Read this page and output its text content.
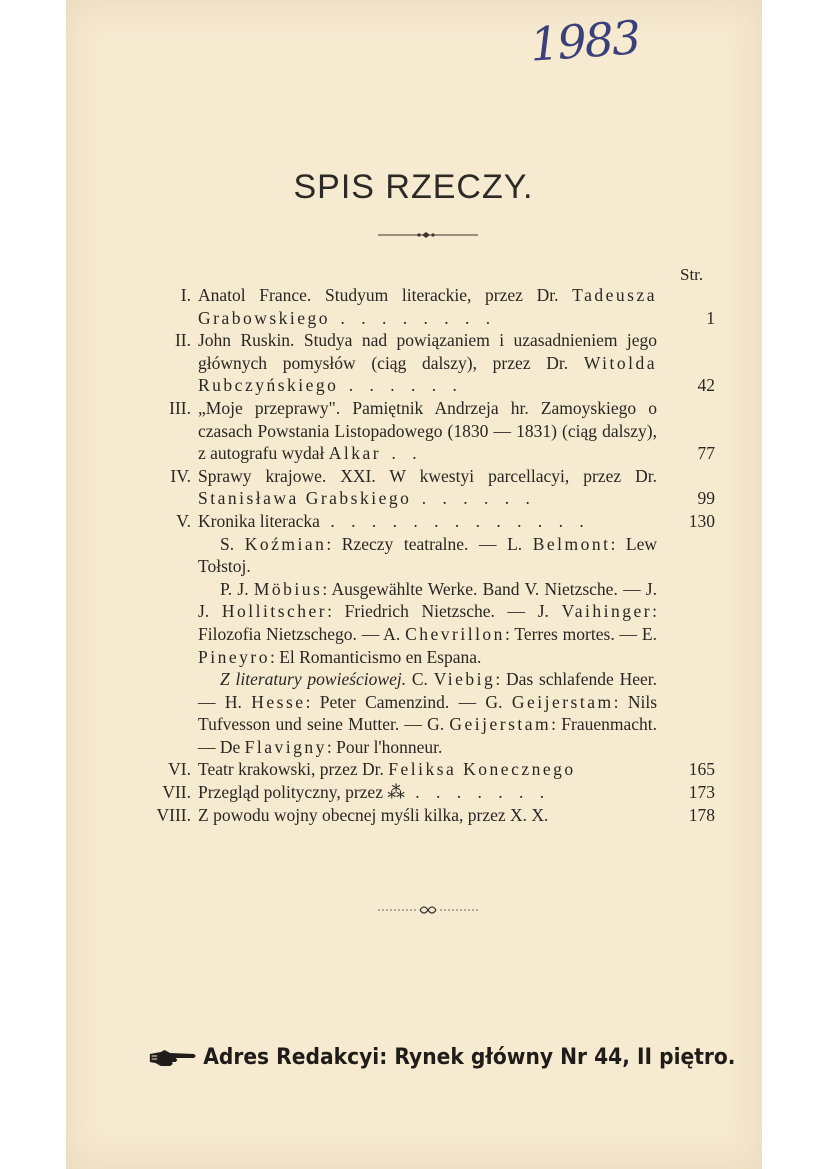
1983
SPIS RZECZY.
Str.
I. Anatol France. Studyum literackie, przez Dr. Tadeusza Grabowskiego . . . . . . . .	1
II. John Ruskin. Studya nad powiązaniem i uzasadnieniem jego głównych pomysłów (ciąg dalszy), przez Dr. Witolda Rubczyńskiego . . . . . .	42
III. „Moje przeprawy". Pamiętnik Andrzeja hr. Zamoyskiego o czasach Powstania Listopadowego (1830 — 1831) (ciąg dalszy), z autografu wydał Alkar . .	77
IV. Sprawy krajowe. XXI. W kwestyi parcellacyi, przez Dr. Stanisława Grabskiego . . . . . .	99
V. Kronika literacka . . . . . . . . . . . . .	130
S. Koźmian: Rzeczy teatralne. — L. Belmont: Lew Tołstoj.
P. J. Möbius: Ausgewählte Werke. Band V. Nietzsche. — J. J. Hollitscher: Friedrich Nietzsche. — J. Vaihinger: Filozofia Nietzschego. — A. Chevrillon: Terres mortes. — E. Pineyro: El Romanticismo en Espana.
Z literatury powieściowej. C. Viebig: Das schlafende Heer. — H. Hesse: Peter Camenzind. — G. Geijerstam: Nils Tufvesson und seine Mutter. — G. Geijerstam: Frauenmacht. — De Flavigny: Pour l'honneur.
VI. Teatr krakowski, przez Dr. Feliksa Konecznego	165
VII. Przegląd polityczny, przez ⁂ . . . . . . .	173
VIII. Z powodu wojny obecnej myśli kilka, przez X. X.	178
Adres Redakcyi: Rynek główny Nr 44, II piętro.
